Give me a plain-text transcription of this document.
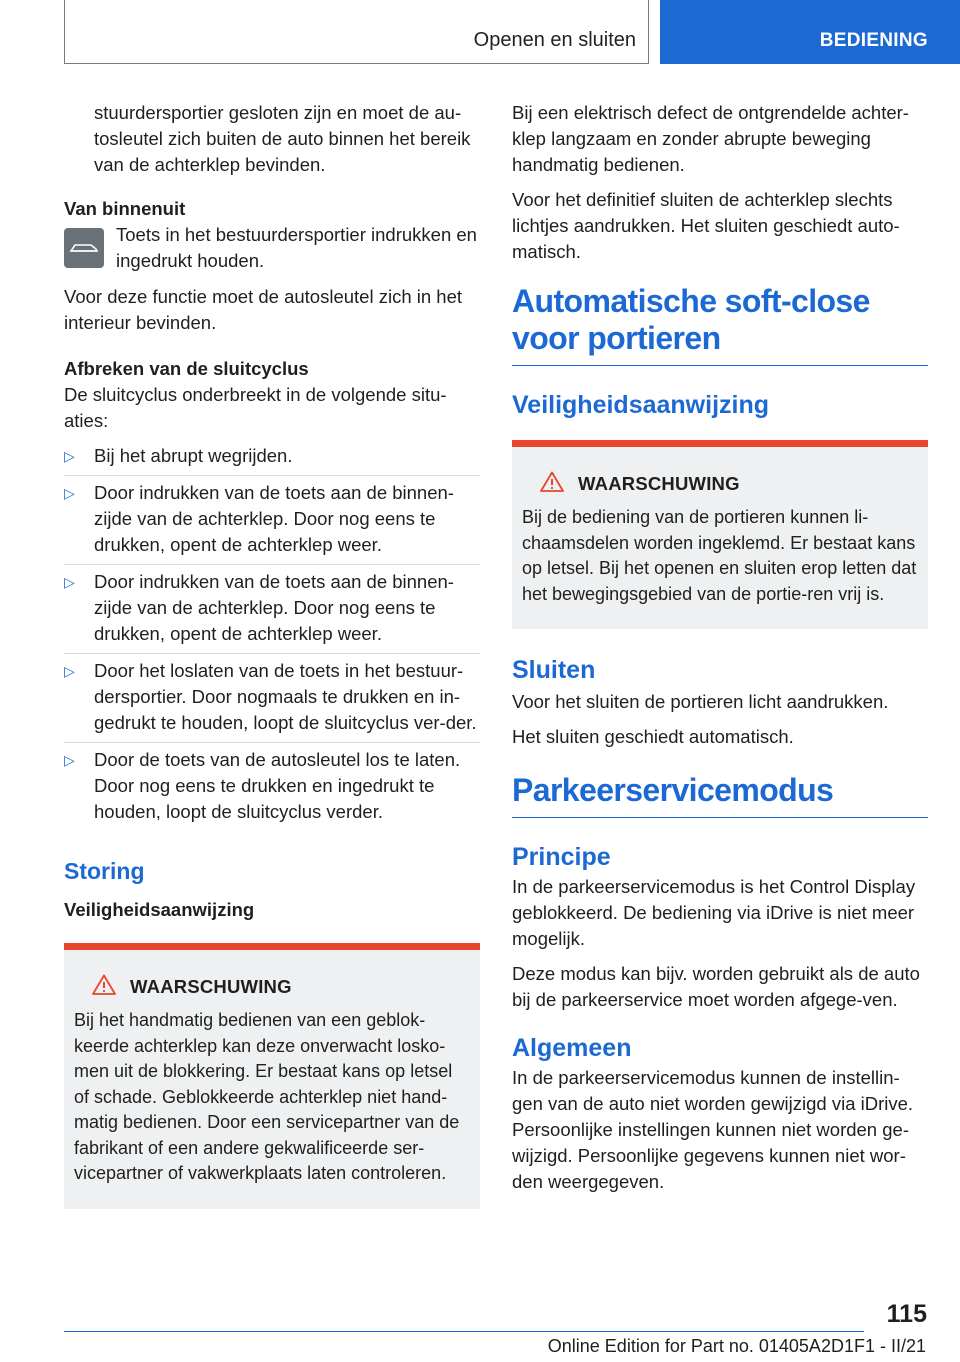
Openen en sluiten	BEDIENING

stuurdersportier gesloten zijn en moet de au-tosleutel zich buiten de auto binnen het bereik van de achterklep bevinden.

Van binnenuit

Toets in het bestuurdersportier indrukken en ingedrukt houden.

Voor deze functie moet de autosleutel zich in het interieur bevinden.

Afbreken van de sluitcyclus

De sluitcyclus onderbreekt in de volgende situ-aties:

▷ Bij het abrupt wegrijden.
▷ Door indrukken van de toets aan de binnen-zijde van de achterklep. Door nog eens te drukken, opent de achterklep weer.
▷ Door indrukken van de toets aan de binnen-zijde van de achterklep. Door nog eens te drukken, opent de achterklep weer.
▷ Door het loslaten van de toets in het bestuur-dersportier. Door nogmaals te drukken en in-gedrukt te houden, loopt de sluitcyclus ver-der.
▷ Door de toets van de autosleutel los te laten. Door nog eens te drukken en ingedrukt te houden, loopt de sluitcyclus verder.
Storing
Veiligheidsaanwijzing
WAARSCHUWING

Bij het handmatig bedienen van een geblok-keerde achterklep kan deze onverwacht losko-men uit de blokkering. Er bestaat kans op letsel of schade. Geblokkeerde achterklep niet hand-matig bedienen. Door een servicepartner van de fabrikant of een andere gekwalificeerde ser-vicepartner of vakwerkplaats laten controleren.

Bij een elektrisch defect de ontgrendelde achter-klep langzaam en zonder abrupte beweging handmatig bedienen.

Voor het definitief sluiten de achterklep slechts lichtjes aandrukken. Het sluiten geschiedt auto-matisch.

Automatische soft-close voor portieren
Veiligheidsaanwijzing
WAARSCHUWING

Bij de bediening van de portieren kunnen li-chaamsdelen worden ingeklemd. Er bestaat kans op letsel. Bij het openen en sluiten erop letten dat het bewegingsgebied van de portie-ren vrij is.

Sluiten

Voor het sluiten de portieren licht aandrukken.

Het sluiten geschiedt automatisch.

Parkeerservicemodus
Principe

In de parkeerservicemodus is het Control Display geblokkeerd. De bediening via iDrive is niet meer mogelijk.

Deze modus kan bijv. worden gebruikt als de auto bij de parkeerservice moet worden afgege-ven.

Algemeen

In de parkeerservicemodus kunnen de instellin-gen van de auto niet worden gewijzigd via iDrive. Persoonlijke instellingen kunnen niet worden ge-wijzigd. Persoonlijke gegevens kunnen niet wor-den weergegeven.

115
Online Edition for Part no. 01405A2D1F1 - II/21
